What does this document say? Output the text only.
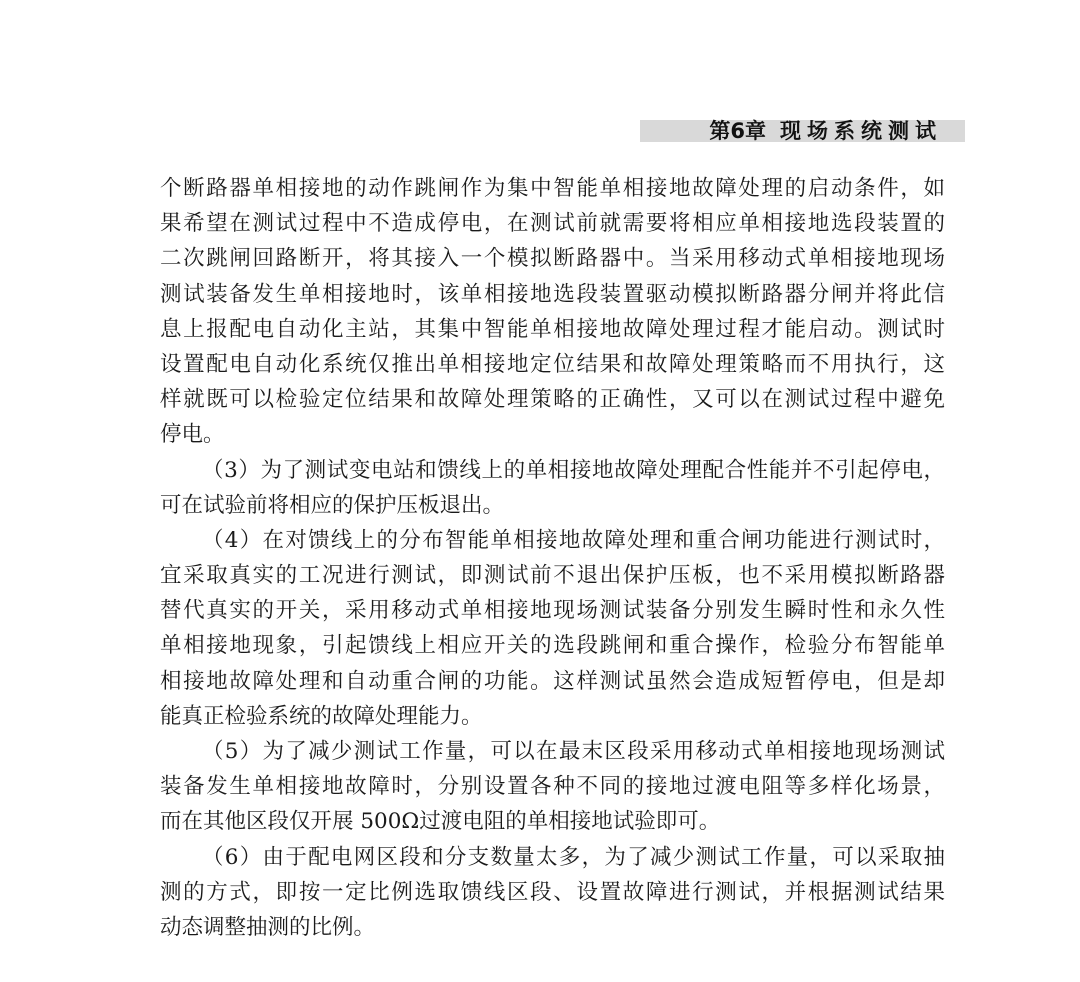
第6章 现场系统测试
个断路器单相接地的动作跳闸作为集中智能单相接地故障处理的启动条件，如
果希望在测试过程中不造成停电，在测试前就需要将相应单相接地选段装置的
二次跳闸回路断开，将其接入一个模拟断路器中。当采用移动式单相接地现场
测试装备发生单相接地时，该单相接地选段装置驱动模拟断路器分闸并将此信
息上报配电自动化主站，其集中智能单相接地故障处理过程才能启动。测试时
设置配电自动化系统仅推出单相接地定位结果和故障处理策略而不用执行，这
样就既可以检验定位结果和故障处理策略的正确性，又可以在测试过程中避免
停电。
（3）为了测试变电站和馈线上的单相接地故障处理配合性能并不引起停电，
可在试验前将相应的保护压板退出。
（4）在对馈线上的分布智能单相接地故障处理和重合闸功能进行测试时，
宜采取真实的工况进行测试，即测试前不退出保护压板，也不采用模拟断路器
替代真实的开关，采用移动式单相接地现场测试装备分别发生瞬时性和永久性
单相接地现象，引起馈线上相应开关的选段跳闸和重合操作，检验分布智能单
相接地故障处理和自动重合闸的功能。这样测试虽然会造成短暂停电，但是却
能真正检验系统的故障处理能力。
（5）为了减少测试工作量，可以在最末区段采用移动式单相接地现场测试
装备发生单相接地故障时，分别设置各种不同的接地过渡电阻等多样化场景，
而在其他区段仅开展 500Ω过渡电阻的单相接地试验即可。
（6）由于配电网区段和分支数量太多，为了减少测试工作量，可以采取抽
测的方式，即按一定比例选取馈线区段、设置故障进行测试，并根据测试结果
动态调整抽测的比例。
